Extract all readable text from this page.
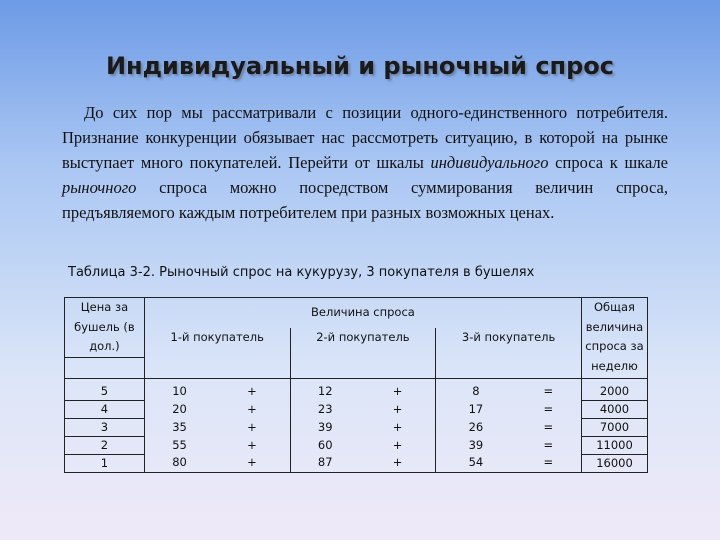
Индивидуальный и рыночный спрос
До сих пор мы рассматривали с позиции одного-единственного потребителя. Признание конкуренции обязывает нас рассмотреть ситуацию, в которой на рынке выступает много покупателей. Перейти от шкалы индивидуального спроса к шкале рыночного спроса можно посредством суммирования величин спроса, предъявляемого каждым потребителем при разных возможных ценах.
Таблица 3-2. Рыночный спрос на кукурузу, 3 покупателя в бушелях
Цена за бушель (в дол.)	Величина спроса						Общая величина спроса за неделю
	1-й покупатель		2-й покупатель		3-й покупатель		

5	10	+	12	+	8	=	2000
4	20	+	23	+	17	=	4000
3	35	+	39	+	26	=	7000
2	55	+	60	+	39	=	11000
1	80	+	87	+	54	=	16000
